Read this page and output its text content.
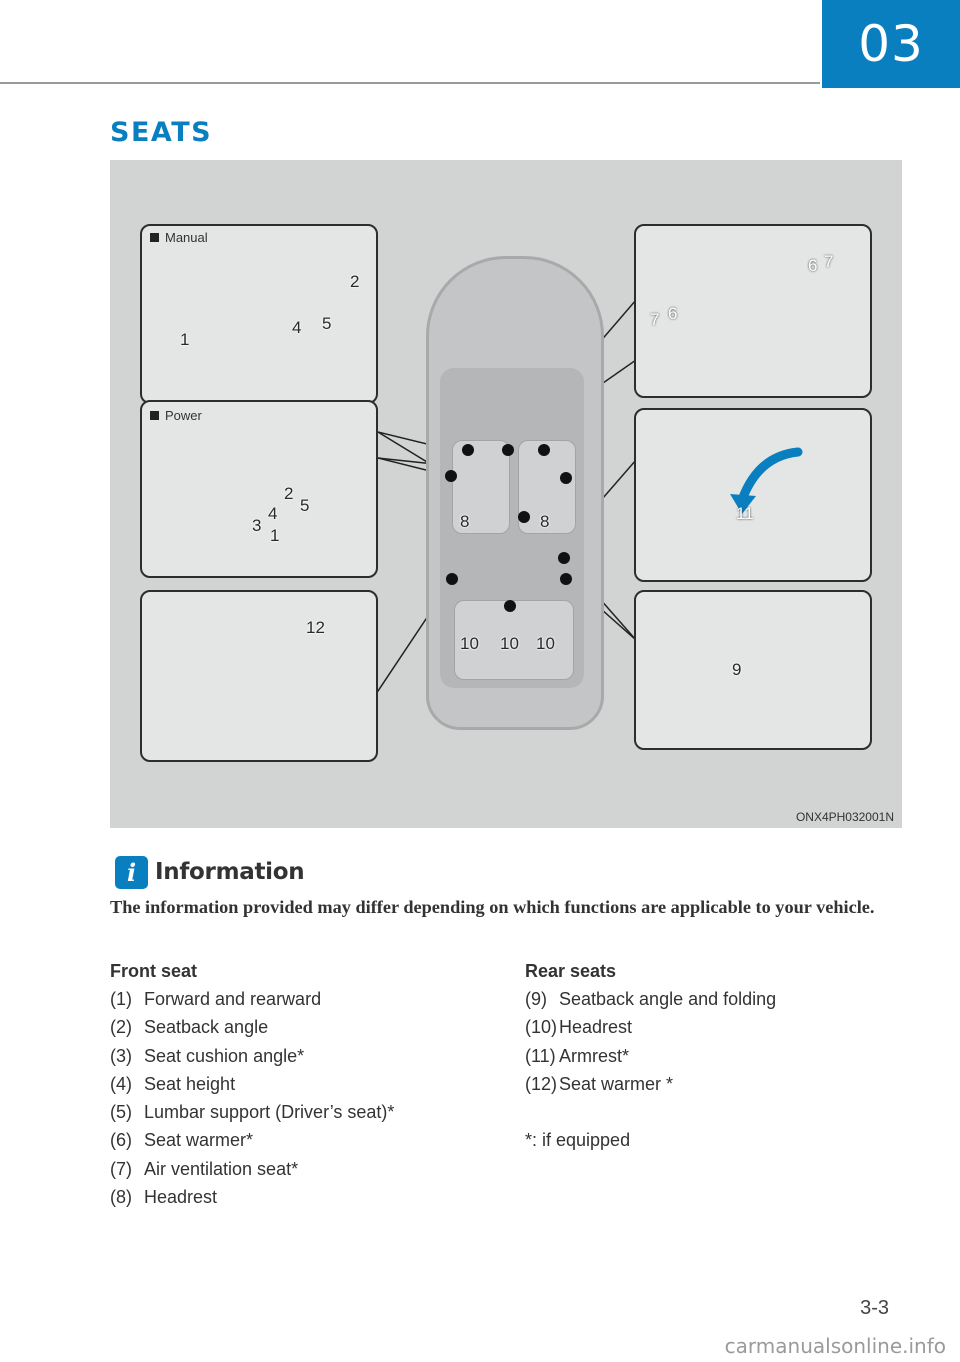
03
SEATS
8	8
10 10 10
Manual
2
4 5
1
Power
2
5
4
3
1
12
6 7
7 6
11
9
ONX4PH032001N
i Information
The information provided may differ depending on which functions are applicable to your vehicle.
Front seat
(1) Forward and rearward
(2) Seatback angle
(3) Seat cushion angle*
(4) Seat height
(5) Lumbar support (Driver’s seat)*
(6) Seat warmer*
(7) Air ventilation seat*
(8) Headrest
Rear seats
(9) Seatback angle and folding
(10) Headrest
(11) Armrest*
(12) Seat warmer *
*: if equipped
3-3
carmanualsonline.info
